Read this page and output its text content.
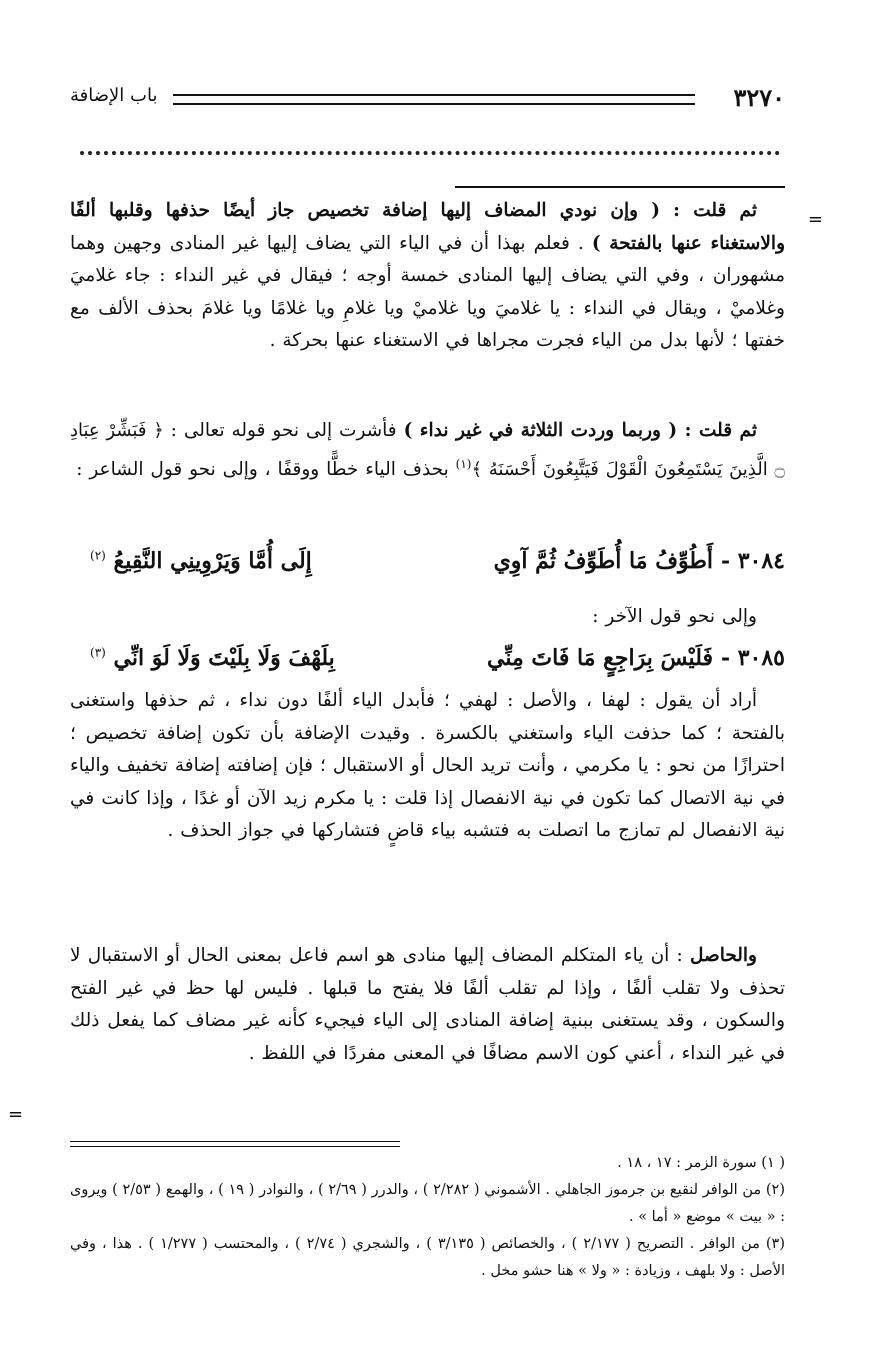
٣٢٧٠
باب الإضافة
=

ثم قلت : ( وإن نودي المضاف إليها إضافة تخصيص جاز أيضًا حذفها وقلبها ألفًا والاستغناء عنها بالفتحة ) . فعلم بهذا أن في الياء التي يضاف إليها غير المنادى وجهين وهما مشهوران ، وفي التي يضاف إليها المنادى خمسة أوجه ؛ فيقال في غير النداء : جاء غلاميَ وغلاميْ ، ويقال في النداء : يا غلاميَ ويا غلاميْ ويا غلامِ ويا غلامًا ويا غلامَ بحذف الألف مع خفتها ؛ لأنها بدل من الياء فجرت مجراها في الاستغناء عنها بحركة .

ثم قلت : ( وربما وردت الثلاثة في غير نداء ) فأشرت إلى نحو قوله تعالى : ﴿ فَبَشِّرْ عِبَادِ ۝ الَّذِينَ يَسْتَمِعُونَ الْقَوْلَ فَيَتَّبِعُونَ أَحْسَنَهُ ﴾$^{(١)}$ بحذف الياء خطًّا ووقفًا ، وإلى نحو قول الشاعر :

٣٠٨٤ -
أَطُوِّفُ مَا أُطَوِّفُ ثُمَّ آوِي
إِلَى أُمَّا وَيَرْوِينِي النَّقِيعُ $^{(٢)}$

وإلى نحو قول الآخر :

٣٠٨٥ -
فَلَيْسَ بِرَاجِعٍ مَا فَاتَ مِنِّي
بِلَهْفَ وَلَا بِلَيْتَ وَلَا لَوَ انِّي $^{(٣)}$

أراد أن يقول : لهفا ، والأصل : لهفي ؛ فأبدل الياء ألفًا دون نداء ، ثم حذفها واستغنى بالفتحة ؛ كما حذفت الياء واستغني بالكسرة . وقيدت الإضافة بأن تكون إضافة تخصيص ؛ احترازًا من نحو : يا مكرمي ، وأنت تريد الحال أو الاستقبال ؛ فإن إضافته إضافة تخفيف والياء في نية الاتصال كما تكون في نية الانفصال إذا قلت : يا مكرم زيد الآن أو غدًا ، وإذا كانت في نية الانفصال لم تمازج ما اتصلت به فتشبه بياء قاضٍ فتشاركها في جواز الحذف .

والحاصل : أن ياء المتكلم المضاف إليها منادى هو اسم فاعل بمعنى الحال أو الاستقبال لا تحذف ولا تقلب ألفًا ، وإذا لم تقلب ألفًا فلا يفتح ما قبلها . فليس لها حظ في غير الفتح والسكون ، وقد يستغنى ببنية إضافة المنادى إلى الياء فيجيء كأنه غير مضاف كما يفعل ذلك في غير النداء ، أعني كون الاسم مضافًا في المعنى مفردًا في اللفظ .

=

( ١) سورة الزمر : ١٧ ، ١٨ .

(٢) من الوافر لنقيع بن جرموز الجاهلي . الأشموني ( ٢/٢٨٢ ) ، والدرر ( ٢/٦٩ ) ، والنوادر ( ١٩ ) ، والهمع ( ٢/٥٣ ) ويروى : « بيت » موضع « أما » .

(٣) من الوافر . التصريح ( ٢/١٧٧ ) ، والخصائص ( ٣/١٣٥ ) ، والشجري ( ٢/٧٤ ) ، والمحتسب ( ١/٢٧٧ ) . هذا ، وفي الأصل : ولا بلهف ، وزيادة : « ولا » هنا حشو مخل .
